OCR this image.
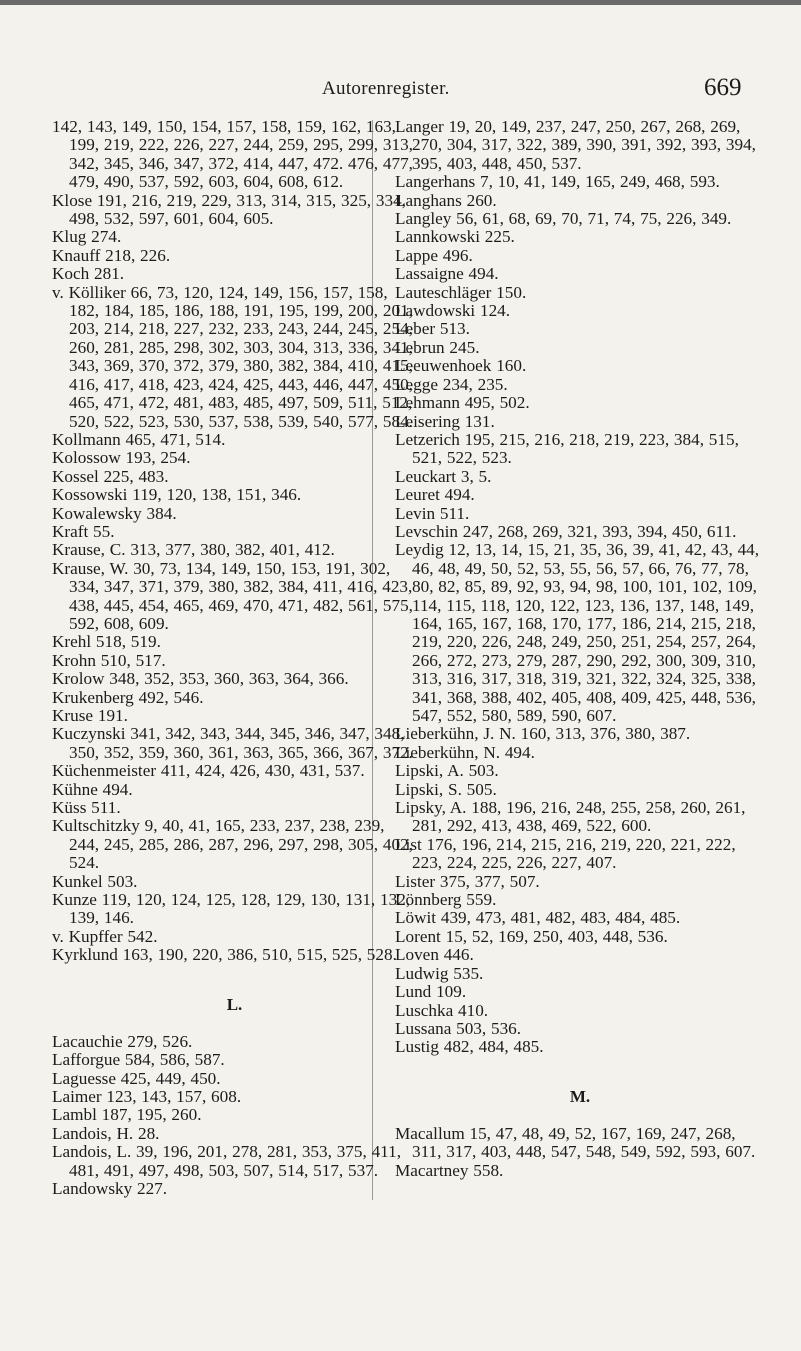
Autorenregister.	669

142, 143, 149, 150, 154, 157, 158, 159, 162, 163, 199, 219, 222, 226, 227, 244, 259, 295, 299, 313, 342, 345, 346, 347, 372, 414, 447, 472. 476, 477, 479, 490, 537, 592, 603, 604, 608, 612.

Klose 191, 216, 219, 229, 313, 314, 315, 325, 334, 498, 532, 597, 601, 604, 605.

Klug 274.

Knauff 218, 226.

Koch 281.

v. Kölliker 66, 73, 120, 124, 149, 156, 157, 158, 182, 184, 185, 186, 188, 191, 195, 199, 200, 201, 203, 214, 218, 227, 232, 233, 243, 244, 245, 254, 260, 281, 285, 298, 302, 303, 304, 313, 336, 341, 343, 369, 370, 372, 379, 380, 382, 384, 410, 415, 416, 417, 418, 423, 424, 425, 443, 446, 447, 450, 465, 471, 472, 481, 483, 485, 497, 509, 511, 512, 520, 522, 523, 530, 537, 538, 539, 540, 577, 584.

Kollmann 465, 471, 514.

Kolossow 193, 254.

Kossel 225, 483.

Kossowski 119, 120, 138, 151, 346.

Kowalewsky 384.

Kraft 55.

Krause, C. 313, 377, 380, 382, 401, 412.

Krause, W. 30, 73, 134, 149, 150, 153, 191, 302, 334, 347, 371, 379, 380, 382, 384, 411, 416, 423, 438, 445, 454, 465, 469, 470, 471, 482, 561, 575, 592, 608, 609.

Krehl 518, 519.

Krohn 510, 517.

Krolow 348, 352, 353, 360, 363, 364, 366.

Krukenberg 492, 546.

Kruse 191.

Kuczynski 341, 342, 343, 344, 345, 346, 347, 348, 350, 352, 359, 360, 361, 363, 365, 366, 367, 372.

Küchenmeister 411, 424, 426, 430, 431, 537.

Kühne 494.

Küss 511.

Kultschitzky 9, 40, 41, 165, 233, 237, 238, 239, 244, 245, 285, 286, 287, 296, 297, 298, 305, 402, 524.

Kunkel 503.

Kunze 119, 120, 124, 125, 128, 129, 130, 131, 132, 139, 146.

v. Kupffer 542.

Kyrklund 163, 190, 220, 386, 510, 515, 525, 528.

L.

Lacauchie 279, 526.

Lafforgue 584, 586, 587.

Laguesse 425, 449, 450.

Laimer 123, 143, 157, 608.

Lambl 187, 195, 260.

Landois, H. 28.

Landois, L. 39, 196, 201, 278, 281, 353, 375, 411, 481, 491, 497, 498, 503, 507, 514, 517, 537.

Landowsky 227.

Langer 19, 20, 149, 237, 247, 250, 267, 268, 269, 270, 304, 317, 322, 389, 390, 391, 392, 393, 394, 395, 403, 448, 450, 537.

Langerhans 7, 10, 41, 149, 165, 249, 468, 593.

Langhans 260.

Langley 56, 61, 68, 69, 70, 71, 74, 75, 226, 349.

Lannkowski 225.

Lappe 496.

Lassaigne 494.

Lauteschläger 150.

Lawdowski 124.

Leber 513.

Lebrun 245.

Leeuwenhoek 160.

Legge 234, 235.

Lehmann 495, 502.

Leisering 131.

Letzerich 195, 215, 216, 218, 219, 223, 384, 515, 521, 522, 523.

Leuckart 3, 5.

Leuret 494.

Levin 511.

Levschin 247, 268, 269, 321, 393, 394, 450, 611.

Leydig 12, 13, 14, 15, 21, 35, 36, 39, 41, 42, 43, 44, 46, 48, 49, 50, 52, 53, 55, 56, 57, 66, 76, 77, 78, 80, 82, 85, 89, 92, 93, 94, 98, 100, 101, 102, 109, 114, 115, 118, 120, 122, 123, 136, 137, 148, 149, 164, 165, 167, 168, 170, 177, 186, 214, 215, 218, 219, 220, 226, 248, 249, 250, 251, 254, 257, 264, 266, 272, 273, 279, 287, 290, 292, 300, 309, 310, 313, 316, 317, 318, 319, 321, 322, 324, 325, 338, 341, 368, 388, 402, 405, 408, 409, 425, 448, 536, 547, 552, 580, 589, 590, 607.

Lieberkühn, J. N. 160, 313, 376, 380, 387.

Lieberkühn, N. 494.

Lipski, A. 503.

Lipski, S. 505.

Lipsky, A. 188, 196, 216, 248, 255, 258, 260, 261, 281, 292, 413, 438, 469, 522, 600.

List 176, 196, 214, 215, 216, 219, 220, 221, 222, 223, 224, 225, 226, 227, 407.

Lister 375, 377, 507.

Lönnberg 559.

Löwit 439, 473, 481, 482, 483, 484, 485.

Lorent 15, 52, 169, 250, 403, 448, 536.

Loven 446.

Ludwig 535.

Lund 109.

Luschka 410.

Lussana 503, 536.

Lustig 482, 484, 485.

M.

Macallum 15, 47, 48, 49, 52, 167, 169, 247, 268, 311, 317, 403, 448, 547, 548, 549, 592, 593, 607.

Macartney 558.
